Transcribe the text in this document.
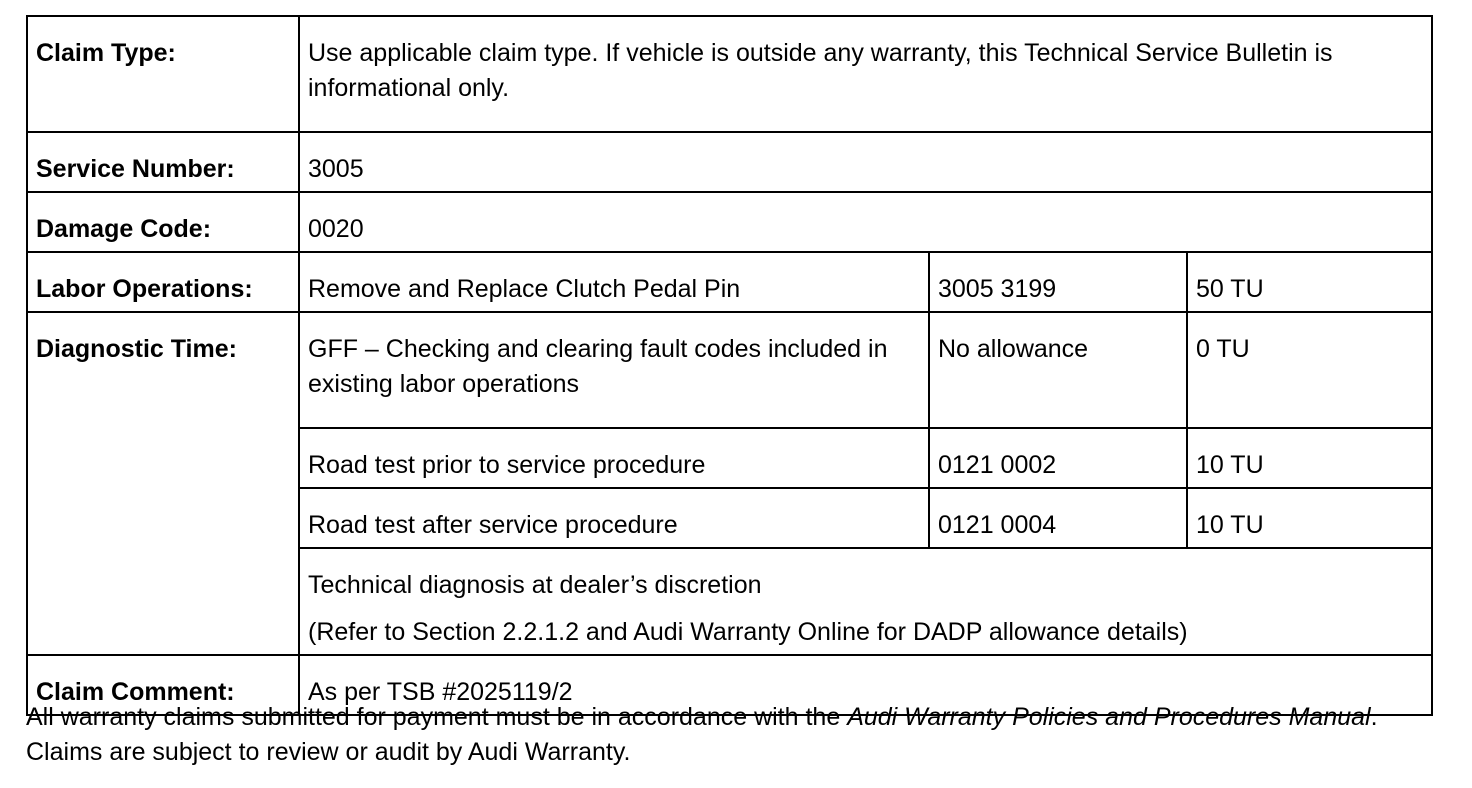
Claim Type:	Use applicable claim type. If vehicle is outside any warranty, this Technical Service Bulletin is informational only.		
Service Number:	3005		
Damage Code:	0020		
Labor Operations:	Remove and Replace Clutch Pedal Pin	3005 3199	50 TU
Diagnostic Time:	GFF – Checking and clearing fault codes included in existing labor operations	No allowance	0 TU
	Road test prior to service procedure	0121 0002	10 TU
	Road test after service procedure	0121 0004	10 TU

	Technical diagnosis at dealer’s discretion
(Refer to Section 2.2.1.2 and Audi Warranty Online for DADP allowance details)		

Claim Comment:	As per TSB #2025119/2		

All warranty claims submitted for payment must be in accordance with the Audi Warranty Policies and Procedures Manual. Claims are subject to review or audit by Audi Warranty.
